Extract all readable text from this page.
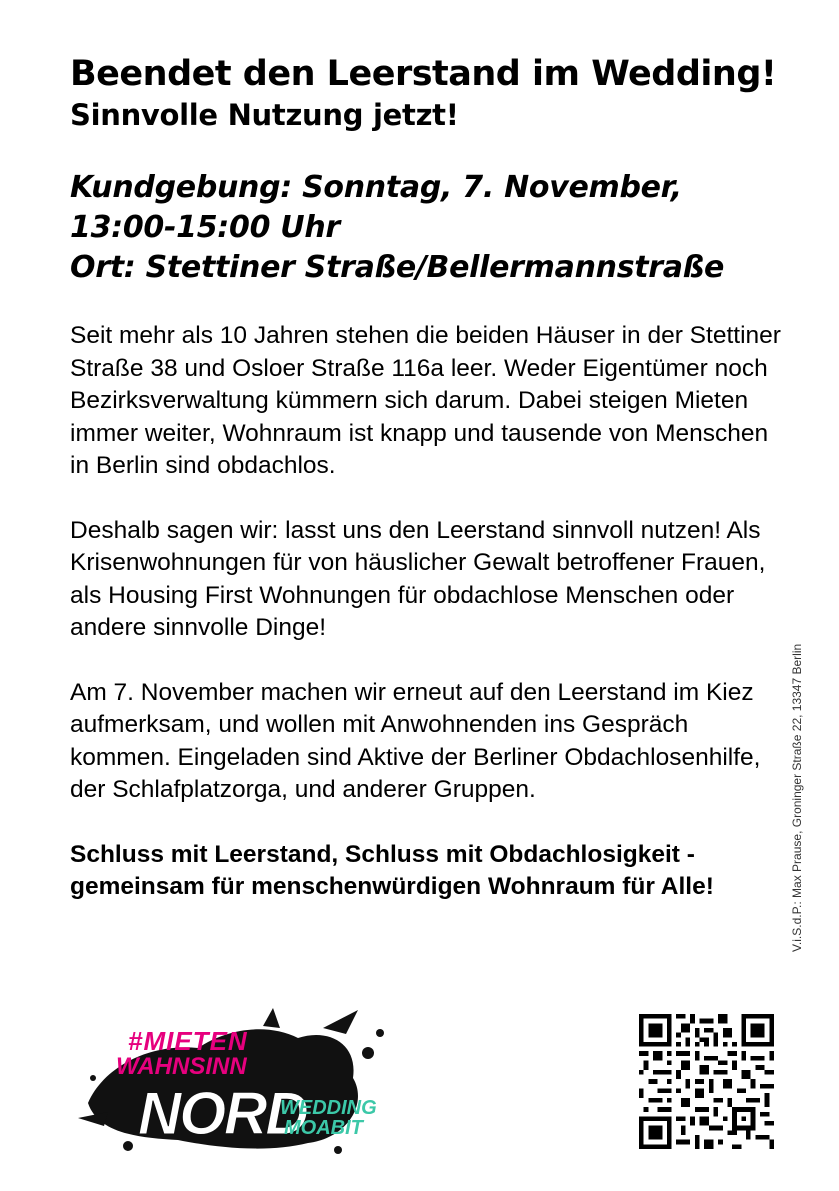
Beendet den Leerstand im Wedding!
Sinnvolle Nutzung jetzt!
Kundgebung: Sonntag, 7. November,
13:00-15:00 Uhr
Ort: Stettiner Straße/Bellermannstraße

Seit mehr als 10 Jahren stehen die beiden Häuser in der Stettiner Straße 38 und Osloer Straße 116a leer. Weder Eigentümer noch Bezirksverwaltung kümmern sich darum. Dabei steigen Mieten immer weiter, Wohnraum ist knapp und tausende von Menschen in Berlin sind obdachlos.

Deshalb sagen wir: lasst uns den Leerstand sinnvoll nutzen! Als Krisenwohnungen für von häuslicher Gewalt betroffener Frauen, als Housing First Wohnungen für obdachlose Menschen oder andere sinnvolle Dinge!

Am 7. November machen wir erneut auf den Leerstand im Kiez aufmerksam, und wollen mit Anwohnenden ins Gespräch kommen. Eingeladen sind Aktive der Berliner Obdachlosenhilfe, der Schlafplatzorga, und anderer Gruppen.

Schluss mit Leerstand, Schluss mit Obdachlosigkeit - gemeinsam für menschenwürdigen Wohnraum für Alle!	V.i.S.d.P.: Max Prause, Groninger Straße 22, 13347 Berlin
#MIETEN
WAHNSINN
NORD
WEDDING
MOABIT
